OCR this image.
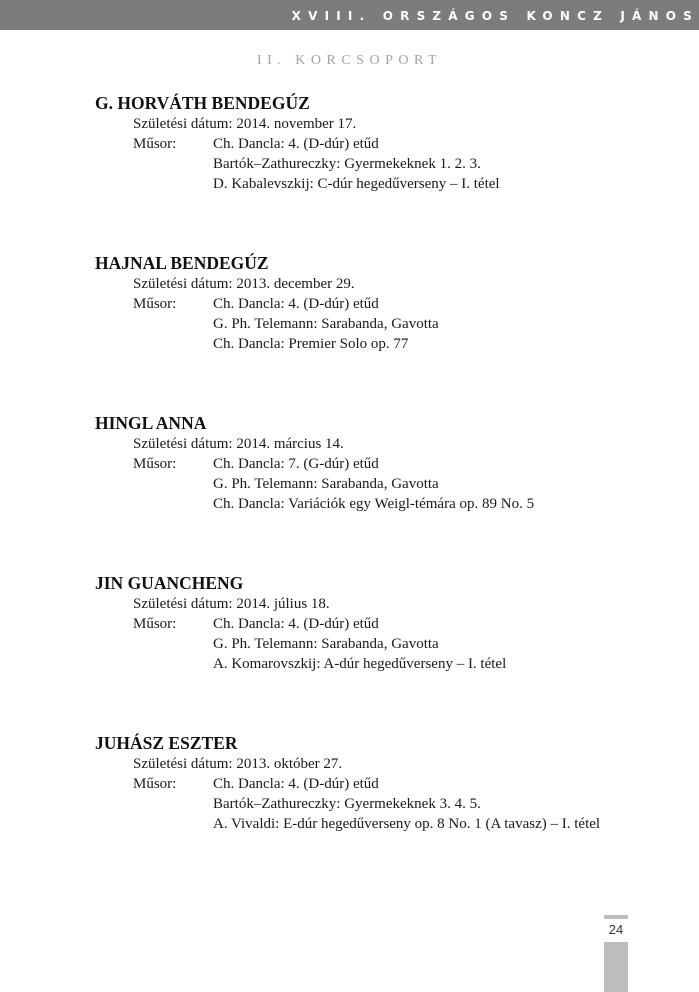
XVIII. ORSZÁGOS KONCZ JÁNOS
II. KORCSOPORT
G. HORVÁTH BENDEGÚZ
Születési dátum: 2014. november 17.
Műsor: Ch. Dancla: 4. (D-dúr) etűd
Bartók–Zathureczky: Gyermekeknek 1. 2. 3.
D. Kabalevszkij: C-dúr hegedűverseny – I. tétel
HAJNAL BENDEGÚZ
Születési dátum: 2013. december 29.
Műsor: Ch. Dancla: 4. (D-dúr) etűd
G. Ph. Telemann: Sarabanda, Gavotta
Ch. Dancla: Premier Solo op. 77
HINGL ANNA
Születési dátum: 2014. március 14.
Műsor: Ch. Dancla: 7. (G-dúr) etűd
G. Ph. Telemann: Sarabanda, Gavotta
Ch. Dancla: Variációk egy Weigl-témára op. 89 No. 5
JIN GUANCHENG
Születési dátum: 2014. július 18.
Műsor: Ch. Dancla: 4. (D-dúr) etűd
G. Ph. Telemann: Sarabanda, Gavotta
A. Komarovszkij: A-dúr hegedűverseny – I. tétel
JUHÁSZ ESZTER
Születési dátum: 2013. október 27.
Műsor: Ch. Dancla: 4. (D-dúr) etűd
Bartók–Zathureczky: Gyermekeknek 3. 4. 5.
A. Vivaldi: E-dúr hegedűverseny op. 8 No. 1 (A tavasz) – I. tétel
24
